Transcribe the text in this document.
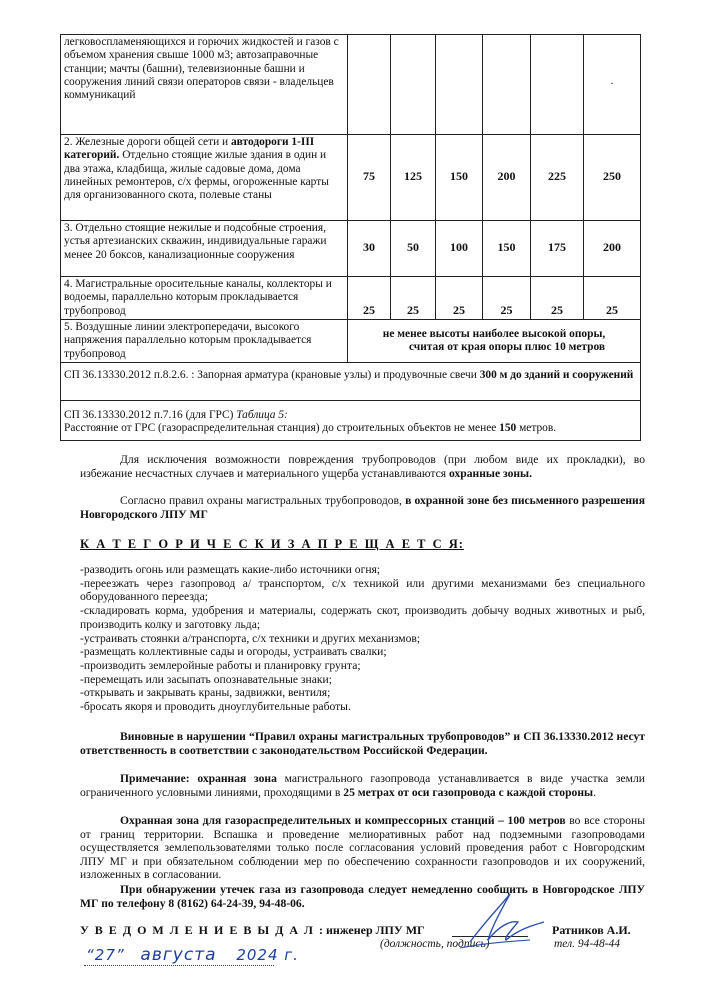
легковоспламеняющихся и горючих жидкостей и газов с объемом хранения свыше 1000 м3; автозаправочные станции; мачты (башни), телевизионные башни и сооружения линий связи операторов связи - владельцев коммуникаций						·
2. Железные дороги общей сети и автодороги 1-III категорий. Отдельно стоящие жилые здания в один и два этажа, кладбища, жилые садовые дома, дома линейных ремонтеров, с/х фермы, огороженные карты для организованного скота, полевые станы	75	125	150	200	225	250
3. Отдельно стоящие нежилые и подсобные строения, устья артезианских скважин, индивидуальные гаражи менее 20 боксов, канализационные сооружения	30	50	100	150	175	200
4. Магистральные оросительные каналы, коллекторы и водоемы, параллельно которым прокладывается трубопровод	25	25	25	25	25	25
5. Воздушные линии электропередачи, высокого напряжения параллельно которым прокладывается трубопровод	не менее высоты наиболее высокой опоры,
считая от края опоры плюс 10 метров					

СП 36.13330.2012 п.8.2.6. : Запорная арматура (крановые узлы) и продувочные свечи 300 м до зданий и сооружений						

СП 36.13330.2012 п.7.16 (для ГРС) Таблица 5:
Расстояние от ГРС (газораспределительная станция) до строительных объектов не менее 150 метров.						
Для исключения возможности повреждения трубопроводов (при любом виде их прокладки), во избежание несчастных случаев и материального ущерба устанавливаются охранные зоны.
Согласно правил охраны магистральных трубопроводов, в охранной зоне без письменного разрешения Новгородского ЛПУ МГ
К А Т Е Г О Р И Ч Е С К И З А П Р Е Щ А Е Т С Я:
-разводить огонь или размещать какие-либо источники огня;
-переезжать через газопровод а/ транспортом, с/х техникой или другими механизмами без специального оборудованного переезда;
-складировать корма, удобрения и материалы, содержать скот, производить добычу водных животных и рыб, производить колку и заготовку льда;
-устраивать стоянки а/транспорта, с/х техники и других механизмов;
-размещать коллективные сады и огороды, устраивать свалки;
-производить землеройные работы и планировку грунта;
-перемещать или засыпать опознавательные знаки;
-открывать и закрывать краны, задвижки, вентиля;
-бросать якоря и проводить дноуглубительные работы.
Виновные в нарушении “Правил охраны магистральных трубопроводов” и СП 36.13330.2012 несут ответственность в соответствии с законодательством Российской Федерации.
Примечание: охранная зона магистрального газопровода устанавливается в виде участка земли ограниченного условными линиями, проходящими в 25 метрах от оси газопровода с каждой стороны.
Охранная зона для газораспределительных и компрессорных станций – 100 метров во все стороны от границ территории. Вспашка и проведение мелиоративных работ над подземными газопроводами осуществляется землепользователями только после согласования условий проведения работ с Новгородским ЛПУ МГ и при обязательном соблюдении мер по обеспечению сохранности газопроводов и их сооружений, изложенных в согласовании.
При обнаружении утечек газа из газопровода следует немедленно сообщить в Новгородское ЛПУ МГ по телефону 8 (8162) 64-24-39, 94-48-06.
У В Е Д О М Л Е Н И Е В Ы Д А Л : инженер ЛПУ МГ
(должность, подпись)
Ратников А.И.
тел. 94-48-44
“27” августа 2024 г.
